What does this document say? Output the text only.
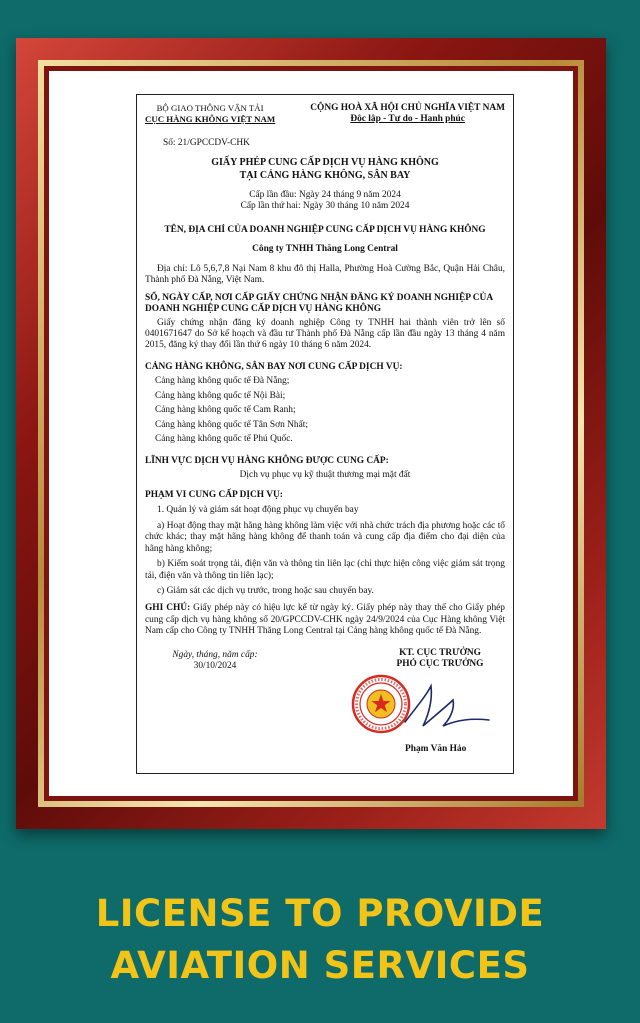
BỘ GIAO THÔNG VẬN TẢI
CỤC HÀNG KHÔNG VIỆT NAM
CỘNG HOÀ XÃ HỘI CHỦ NGHĨA VIỆT NAM
Độc lập - Tự do - Hạnh phúc
Số: 21/GPCCDV-CHK
GIẤY PHÉP CUNG CẤP DỊCH VỤ HÀNG KHÔNG
TẠI CẢNG HÀNG KHÔNG, SÂN BAY
Cấp lần đầu: Ngày 24 tháng 9 năm 2024
Cấp lần thứ hai: Ngày 30 tháng 10 năm 2024
TÊN, ĐỊA CHỈ CỦA DOANH NGHIỆP CUNG CẤP DỊCH VỤ HÀNG KHÔNG
Công ty TNHH Thăng Long Central
Địa chỉ: Lô 5,6,7,8 Nại Nam 8 khu đô thị Halla, Phường Hoà Cường Bắc, Quận Hải Châu, Thành phố Đà Nẵng, Việt Nam.
SỐ, NGÀY CẤP, NƠI CẤP GIẤY CHỨNG NHẬN ĐĂNG KÝ DOANH NGHIỆP CỦA DOANH NGHIỆP CUNG CẤP DỊCH VỤ HÀNG KHÔNG
Giấy chứng nhận đăng ký doanh nghiệp Công ty TNHH hai thành viên trở lên số 0401671647 do Sở kế hoạch và đầu tư Thành phố Đà Nẵng cấp lần đầu ngày 13 tháng 4 năm 2015, đăng ký thay đổi lần thứ 6 ngày 10 tháng 6 năm 2024.
CẢNG HÀNG KHÔNG, SÂN BAY NƠI CUNG CẤP DỊCH VỤ:
Cảng hàng không quốc tế Đà Nẵng;
Cảng hàng không quốc tế Nội Bài;
Cảng hàng không quốc tế Cam Ranh;
Cảng hàng không quốc tế Tân Sơn Nhất;
Cảng hàng không quốc tế Phú Quốc.
LĨNH VỰC DỊCH VỤ HÀNG KHÔNG ĐƯỢC CUNG CẤP:
Dịch vụ phục vụ kỹ thuật thương mại mặt đất
PHẠM VI CUNG CẤP DỊCH VỤ:
1. Quản lý và giám sát hoạt động phục vụ chuyến bay
a) Hoạt động thay mặt hãng hàng không làm việc với nhà chức trách địa phương hoặc các tổ chức khác; thay mặt hãng hàng không để thanh toán và cung cấp địa điểm cho đại diện của hãng hàng không;
b) Kiểm soát trọng tải, điện văn và thông tin liên lạc (chỉ thực hiện công việc giám sát trọng tải, điện văn và thông tin liên lạc);
c) Giám sát các dịch vụ trước, trong hoặc sau chuyến bay.
GHI CHÚ: Giấy phép này có hiệu lực kể từ ngày ký. Giấy phép này thay thế cho Giấy phép cung cấp dịch vụ hàng không số 20/GPCCDV-CHK ngày 24/9/2024 của Cục Hàng không Việt Nam cấp cho Công ty TNHH Thăng Long Central tại Cảng hàng không quốc tế Đà Nẵng.
Ngày, tháng, năm cấp:
30/10/2024
KT. CỤC TRƯỞNG
PHÓ CỤC TRƯỞNG
Phạm Văn Hảo
LICENSE TO PROVIDE
AVIATION SERVICES
